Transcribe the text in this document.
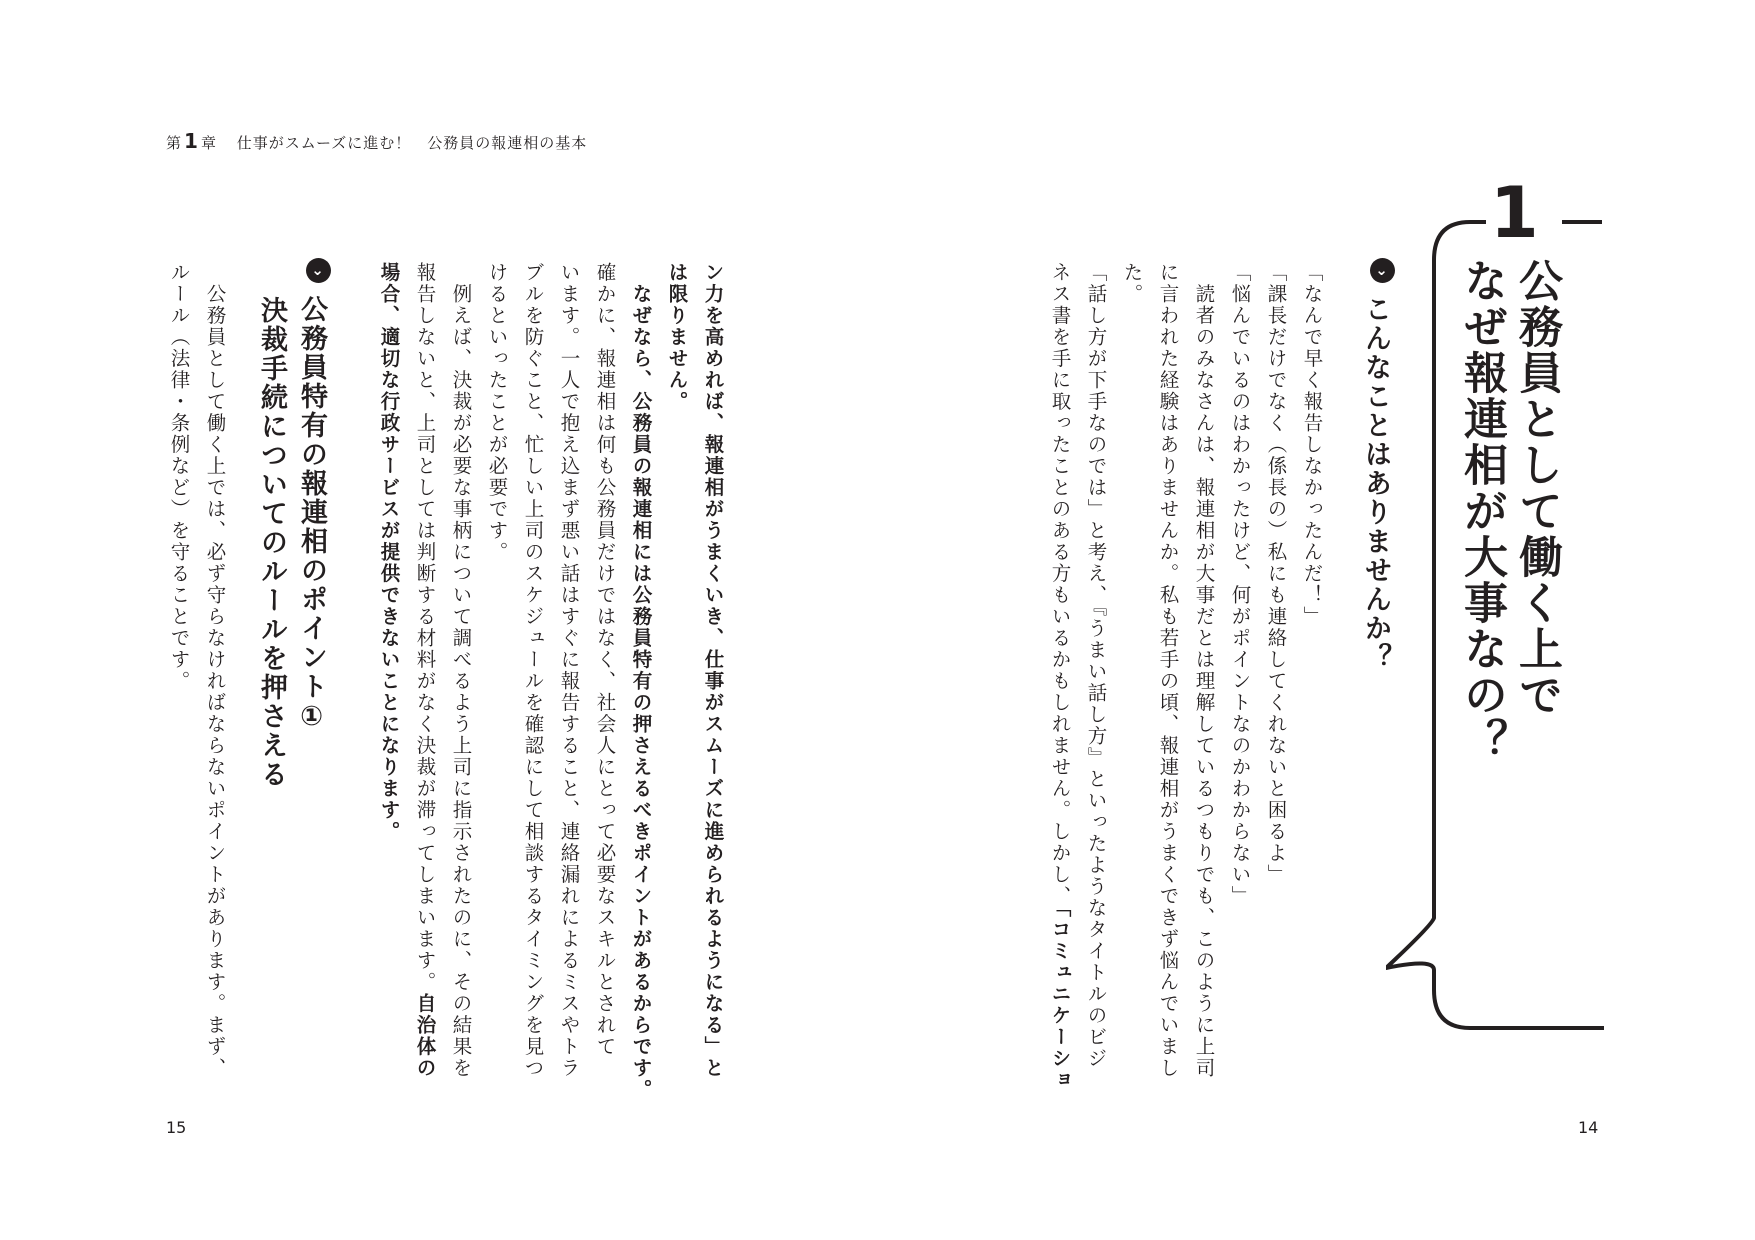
第 1 章 仕事がスムーズに進む！　公務員の報連相の基本
1
公務員として働く上で
なぜ報連相が大事なの？
⌄こんなことはありませんか？
「なんで早く報告しなかったんだ！」
「課長だけでなく（係長の）私にも連絡してくれないと困るよ」
「悩んでいるのはわかったけど、何がポイントなのかわからない」
　読者のみなさんは、報連相が大事だとは理解しているつもりでも、このように上司
に言われた経験はありませんか。私も若手の頃、報連相がうまくできず悩んでいまし
た。
「話し方が下手なのでは」と考え、『うまい話し方』といったようなタイトルのビジ
ネス書を手に取ったことのある方もいるかもしれません。しかし、「コミュニケーショ
ン力を高めれば、報連相がうまくいき、仕事がスムーズに進められるようになる」と
は限りません。
　なぜなら、公務員の報連相には公務員特有の押さえるべきポイントがあるからです。
確かに、報連相は何も公務員だけではなく、社会人にとって必要なスキルとされて
います。一人で抱え込まず悪い話はすぐに報告すること、連絡漏れによるミスやトラ
ブルを防ぐこと、忙しい上司のスケジュールを確認にして相談するタイミングを見つ
けるといったことが必要です。
　例えば、決裁が必要な事柄について調べるよう上司に指示されたのに、その結果を
報告しないと、上司としては判断する材料がなく決裁が滞ってしまいます。自治体の
場合、適切な行政サービスが提供できないことになります。
⌄公務員特有の報連相のポイント①
決裁手続についてのルールを押さえる
　公務員として働く上では、必ず守らなければならないポイントがあります。まず、
ルール（法律・条例など）を守ることです。
15	14
